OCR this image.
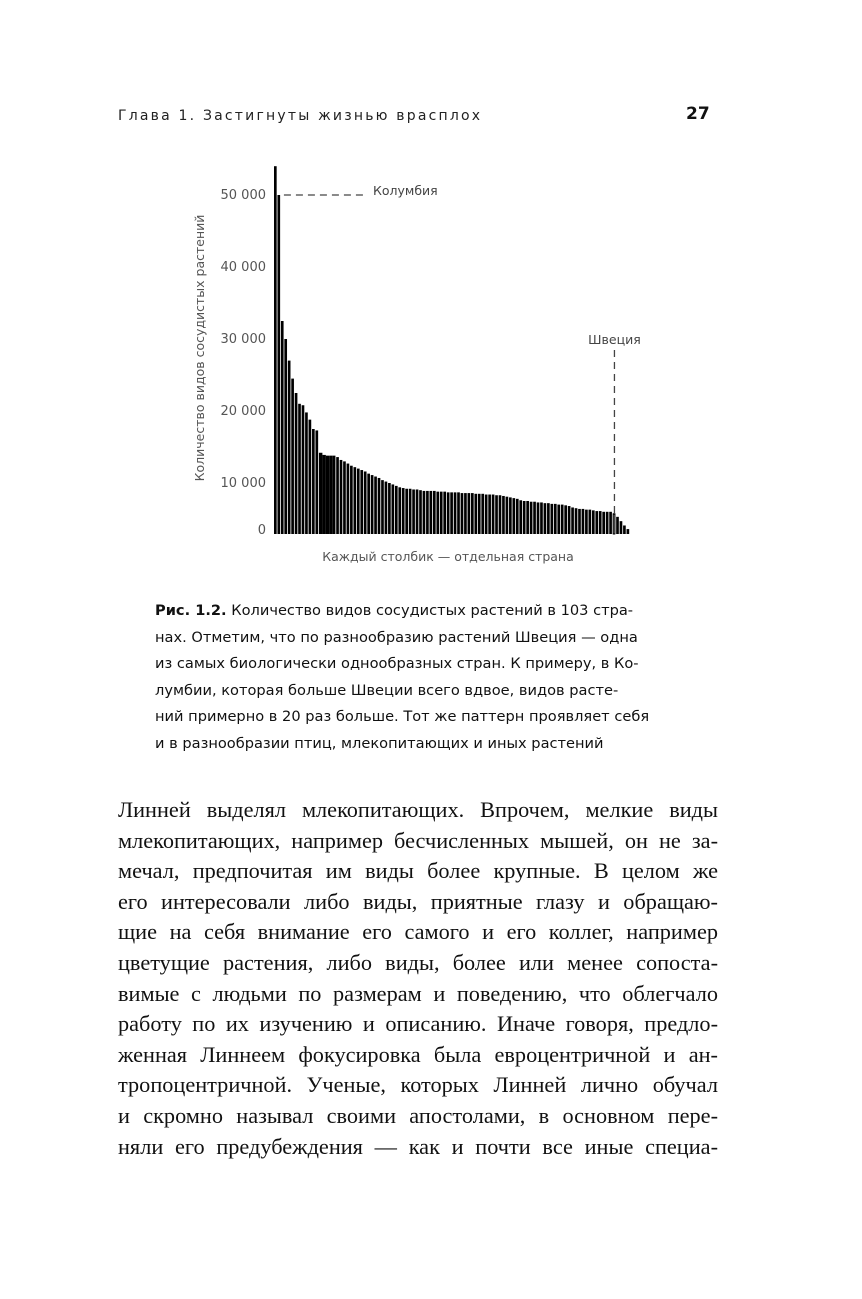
Глава 1. Застигнуты жизнью врасплох	27
0
10 000
20 000
30 000
40 000
50 000
Количество видов сосудистых растений
Колумбия
Швеция
Каждый столбик — отдельная страна
Рис. 1.2. Количество видов сосудистых растений в 103 стра-
нах. Отметим, что по разнообразию растений Швеция — одна
из самых биологически однообразных стран. К примеру, в Ко-
лумбии, которая больше Швеции всего вдвое, видов расте-
ний примерно в 20 раз больше. Тот же паттерн проявляет себя
и в разнообразии птиц, млекопитающих и иных растений
Линней выделял млекопитающих. Впрочем, мелкие виды
млекопитающих, например бесчисленных мышей, он не за-
мечал, предпочитая им виды более крупные. В целом же
его интересовали либо виды, приятные глазу и обращаю-
щие на себя внимание его самого и его коллег, например
цветущие растения, либо виды, более или менее сопоста-
вимые с людьми по размерам и поведению, что облегчало
работу по их изучению и описанию. Иначе говоря, предло-
женная Линнеем фокусировка была евроцентричной и ан-
тропоцентричной. Ученые, которых Линней лично обучал
и скромно называл своими апостолами, в основном пере-
няли его предубеждения — как и почти все иные специа-
